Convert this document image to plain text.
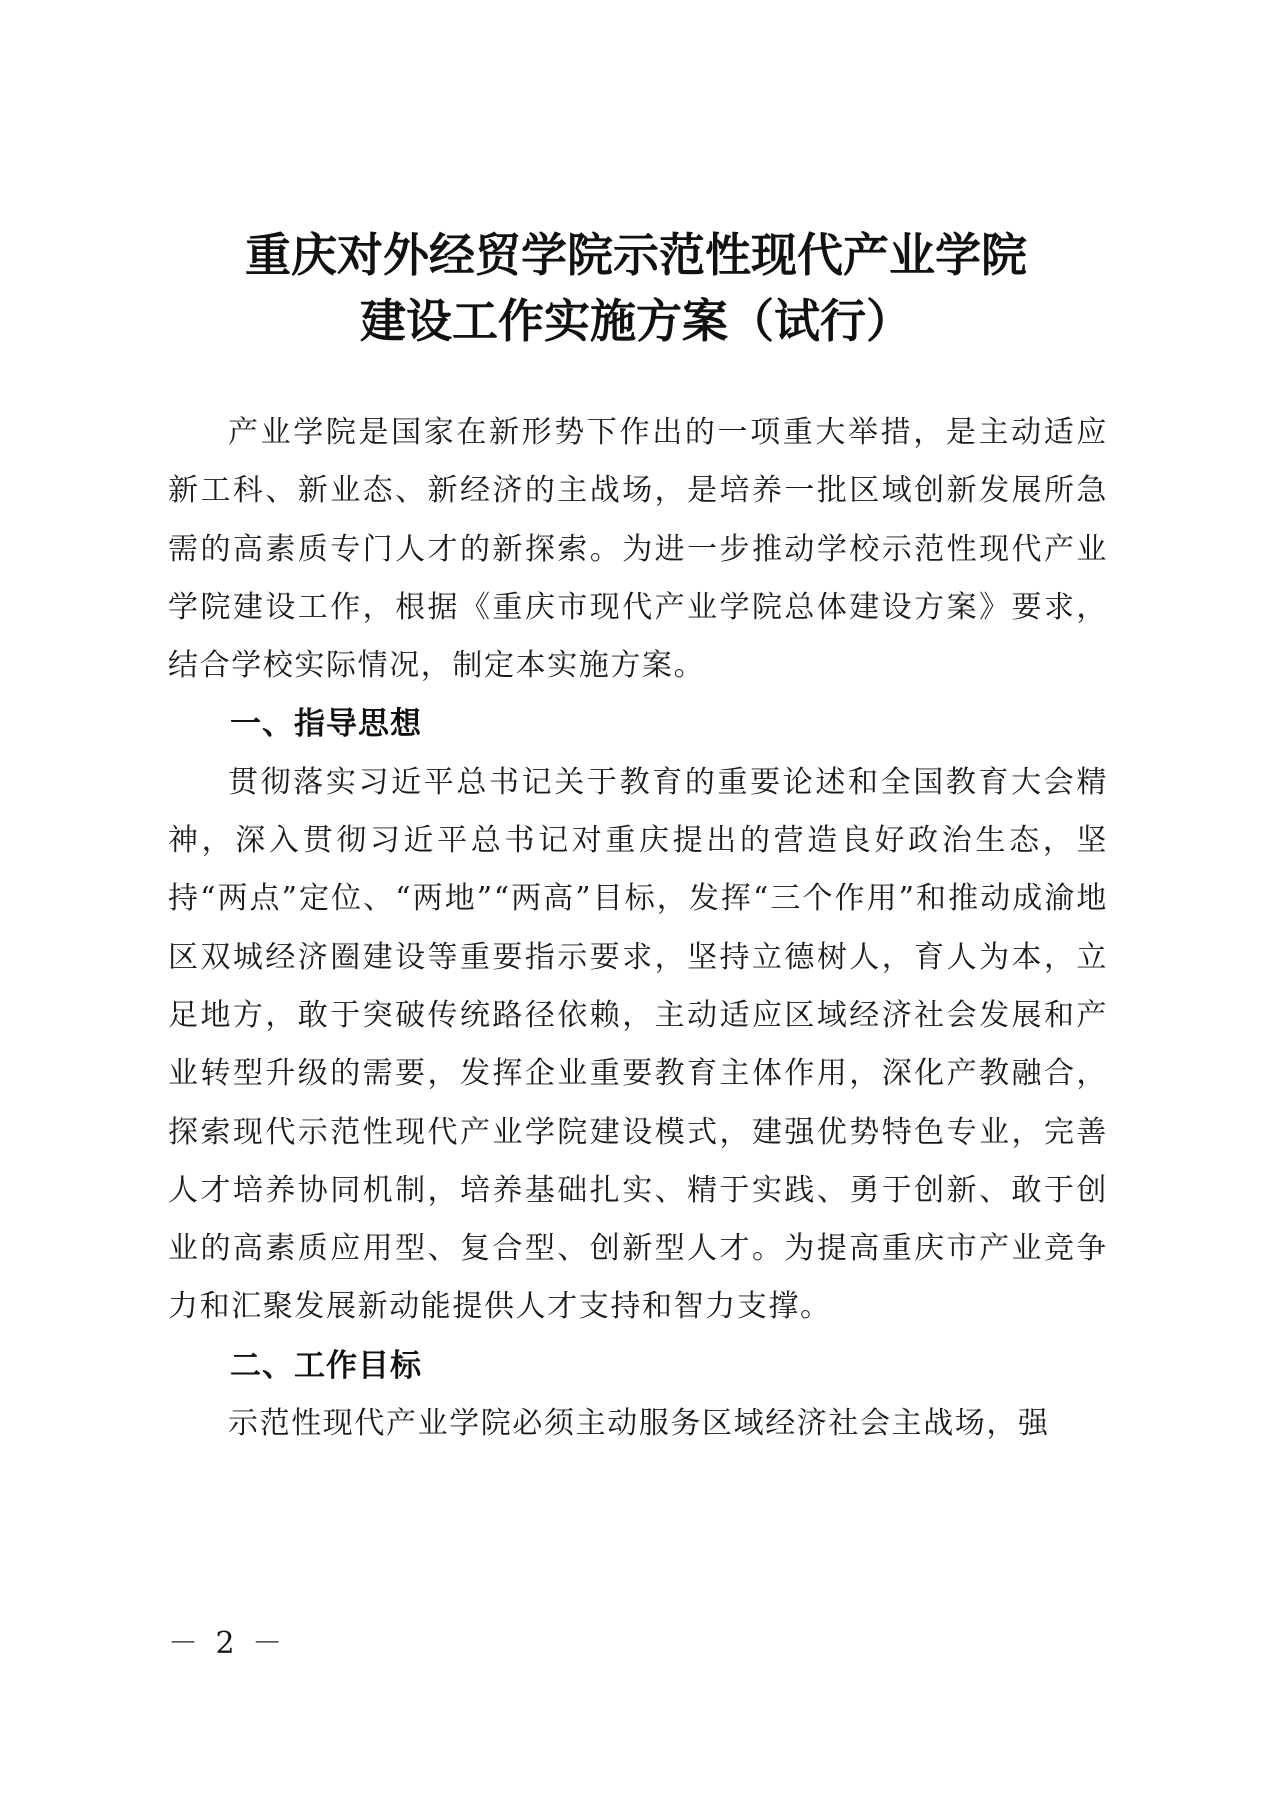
重庆对外经贸学院示范性现代产业学院
建设工作实施方案（试行）

产业学院是国家在新形势下作出的一项重大举措，是主动适应新工科、新业态、新经济的主战场，是培养一批区域创新发展所急需的高素质专门人才的新探索。为进一步推动学校示范性现代产业学院建设工作，根据《重庆市现代产业学院总体建设方案》要求，结合学校实际情况，制定本实施方案。

一、指导思想

贯彻落实习近平总书记关于教育的重要论述和全国教育大会精神，深入贯彻习近平总书记对重庆提出的营造良好政治生态，坚持“两点”定位、“两地”“两高”目标，发挥“三个作用”和推动成渝地区双城经济圈建设等重要指示要求，坚持立德树人，育人为本，立足地方，敢于突破传统路径依赖，主动适应区域经济社会发展和产业转型升级的需要，发挥企业重要教育主体作用，深化产教融合，探索现代示范性现代产业学院建设模式，建强优势特色专业，完善人才培养协同机制，培养基础扎实、精于实践、勇于创新、敢于创业的高素质应用型、复合型、创新型人才。为提高重庆市产业竞争力和汇聚发展新动能提供人才支持和智力支撑。

二、工作目标

示范性现代产业学院必须主动服务区域经济社会主战场，强

－ 2 －
